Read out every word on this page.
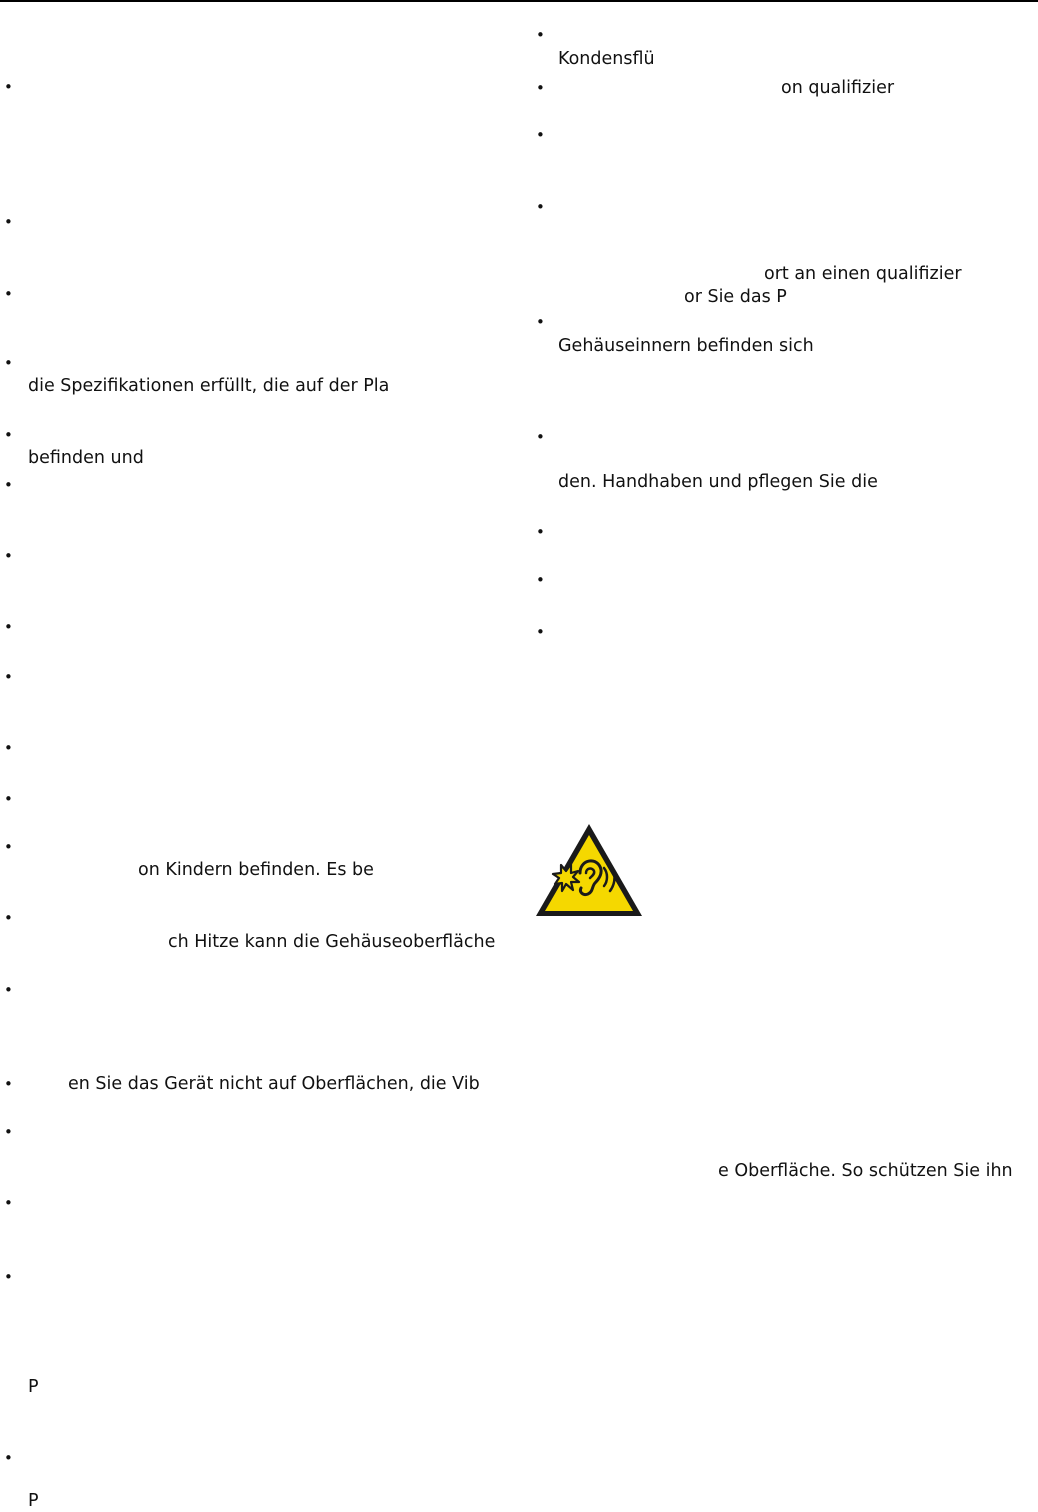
•
•
•
•
•
•
•
•
•
•
•
•
•
•
•
•
•
•
•
die Spezifikationen erfüllt, die auf der Pla
befinden und
on Kindern befinden. Es be
ch Hitze kann die Gehäuseoberfläche
en Sie das Gerät nicht auf Oberflächen, die Vib
P
P
•
•
•
•
•
•
•
•
•
Kondensflü
on qualifizier
ort an einen qualifizier
or Sie das P
Gehäuseinnern befinden sich
den. Handhaben und pflegen Sie die
e Oberfläche. So schützen Sie ihn
